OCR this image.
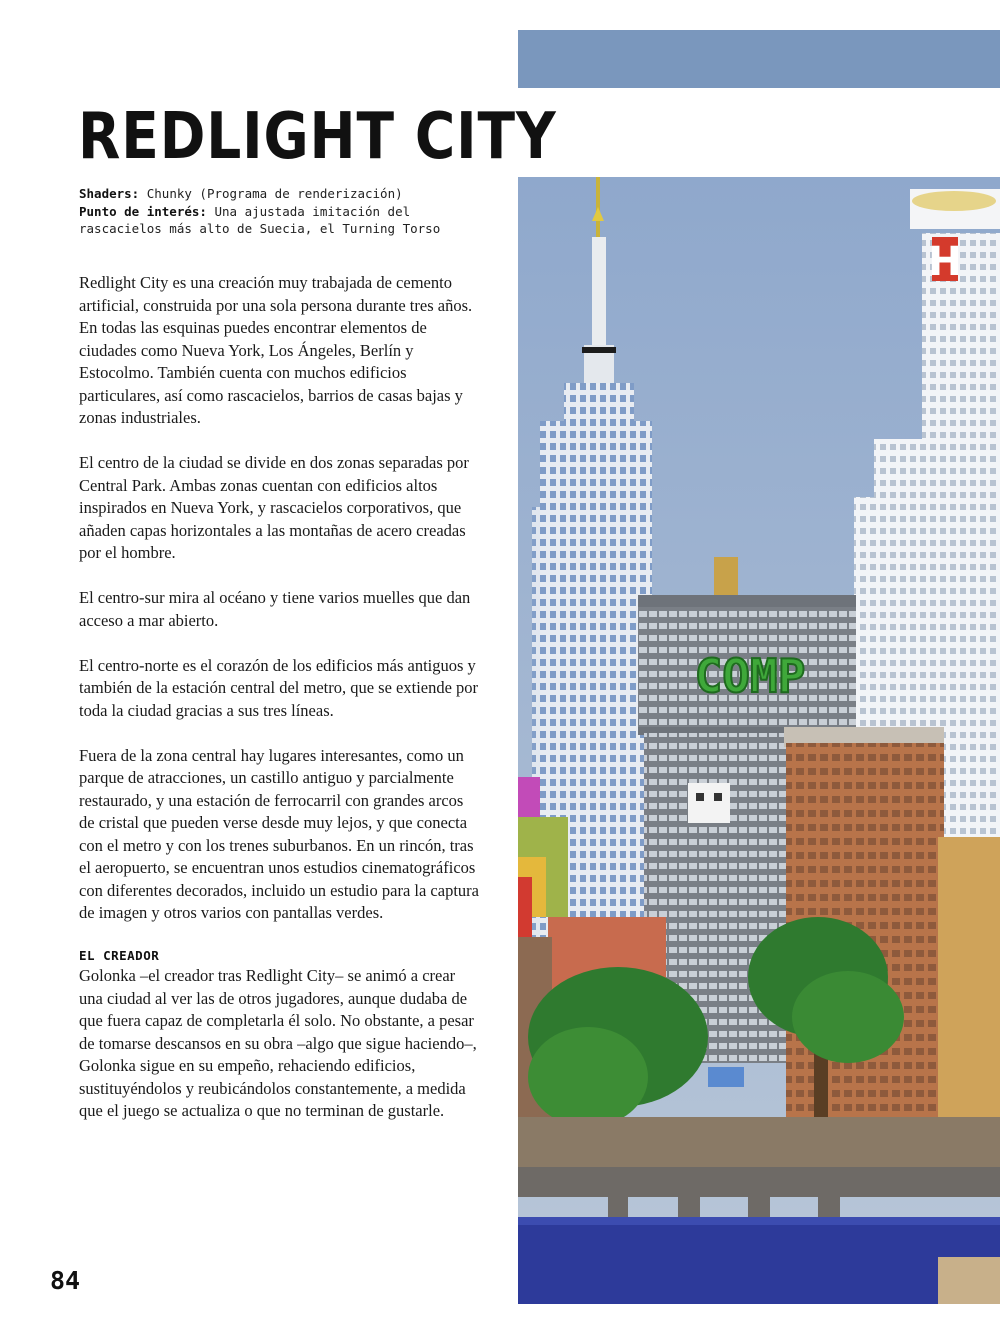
REDLIGHT CITY

Shaders: Chunky (Programa de renderización)

Punto de interés: Una ajustada imitación del rascacielos más alto de Suecia, el Turning Torso

Redlight City es una creación muy trabajada de cemento artificial, construida por una sola persona durante tres años. En todas las esquinas puedes encontrar elementos de ciudades como Nueva York, Los Ángeles, Berlín y Estocolmo. También cuenta con muchos edificios particulares, así como rascacielos, barrios de casas bajas y zonas industriales.

El centro de la ciudad se divide en dos zonas separadas por Central Park. Ambas zonas cuentan con edificios altos inspirados en Nueva York, y rascacielos corporativos, que añaden capas horizontales a las montañas de acero creadas por el hombre.

El centro-sur mira al océano y tiene varios muelles que dan acceso a mar abierto.

El centro-norte es el corazón de los edificios más antiguos y también de la estación central del metro, que se extiende por toda la ciudad gracias a sus tres líneas.

Fuera de la zona central hay lugares interesantes, como un parque de atracciones, un castillo antiguo y parcialmente restaurado, y una estación de ferrocarril con grandes arcos de cristal que pueden verse desde muy lejos, y que conecta con el metro y con los trenes suburbanos. En un rincón, tras el aeropuerto, se encuentran unos estudios cinematográficos con diferentes decorados, incluido un estudio para la captura de imagen y otros varios con pantallas verdes.

EL CREADOR

Golonka –el creador tras Redlight City– se animó a crear una ciudad al ver las de otros jugadores, aunque dudaba de que fuera capaz de completarla él solo. No obstante, a pesar de tomarse descansos en su obra –algo que sigue haciendo–, Golonka sigue en su empeño, rehaciendo edificios, sustituyéndolos y reubicándolos constantemente, a medida que el juego se actualiza o que no terminan de gustarle.

84
H
COMP
